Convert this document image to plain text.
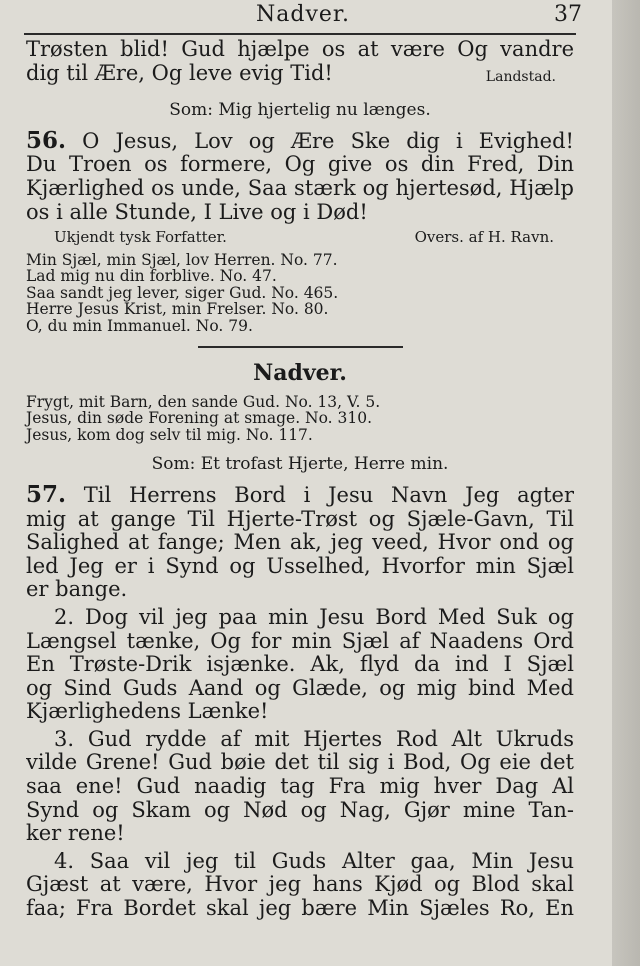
Nadver.	37
Trøsten blid! Gud hjælpe os at være Og vandre
dig til Ære, Og leve evig Tid!	Landstad.
Som: Mig hjertelig nu længes.
56. O Jesus, Lov og Ære Ske dig i Evighed!
Du Troen os formere, Og give os din Fred, Din
Kjærlighed os unde, Saa stærk og hjertesød, Hjælp
os i alle Stunde, I Live og i Død!
Ukjendt tysk Forfatter.	Overs. af H. Ravn.
Min Sjæl, min Sjæl, lov Herren. No. 77.
Lad mig nu din forblive. No. 47.
Saa sandt jeg lever, siger Gud. No. 465.
Herre Jesus Krist, min Frelser. No. 80.
O, du min Immanuel. No. 79.
Nadver.
Frygt, mit Barn, den sande Gud. No. 13, V. 5.
Jesus, din søde Forening at smage. No. 310.
Jesus, kom dog selv til mig. No. 117.
Som: Et trofast Hjerte, Herre min.
57. Til Herrens Bord i Jesu Navn Jeg agter
mig at gange Til Hjerte-Trøst og Sjæle-Gavn, Til
Salighed at fange; Men ak, jeg veed, Hvor ond og
led Jeg er i Synd og Usselhed, Hvorfor min Sjæl
er bange.
2. Dog vil jeg paa min Jesu Bord Med Suk og
Længsel tænke, Og for min Sjæl af Naadens Ord
En Trøste-Drik isjænke. Ak, flyd da ind I Sjæl
og Sind Guds Aand og Glæde, og mig bind Med
Kjærlighedens Lænke!
3. Gud rydde af mit Hjertes Rod Alt Ukruds
vilde Grene! Gud bøie det til sig i Bod, Og eie det
saa ene! Gud naadig tag Fra mig hver Dag Al
Synd og Skam og Nød og Nag, Gjør mine Tan-
ker rene!
4. Saa vil jeg til Guds Alter gaa, Min Jesu
Gjæst at være, Hvor jeg hans Kjød og Blod skal
faa; Fra Bordet skal jeg bære Min Sjæles Ro, En
